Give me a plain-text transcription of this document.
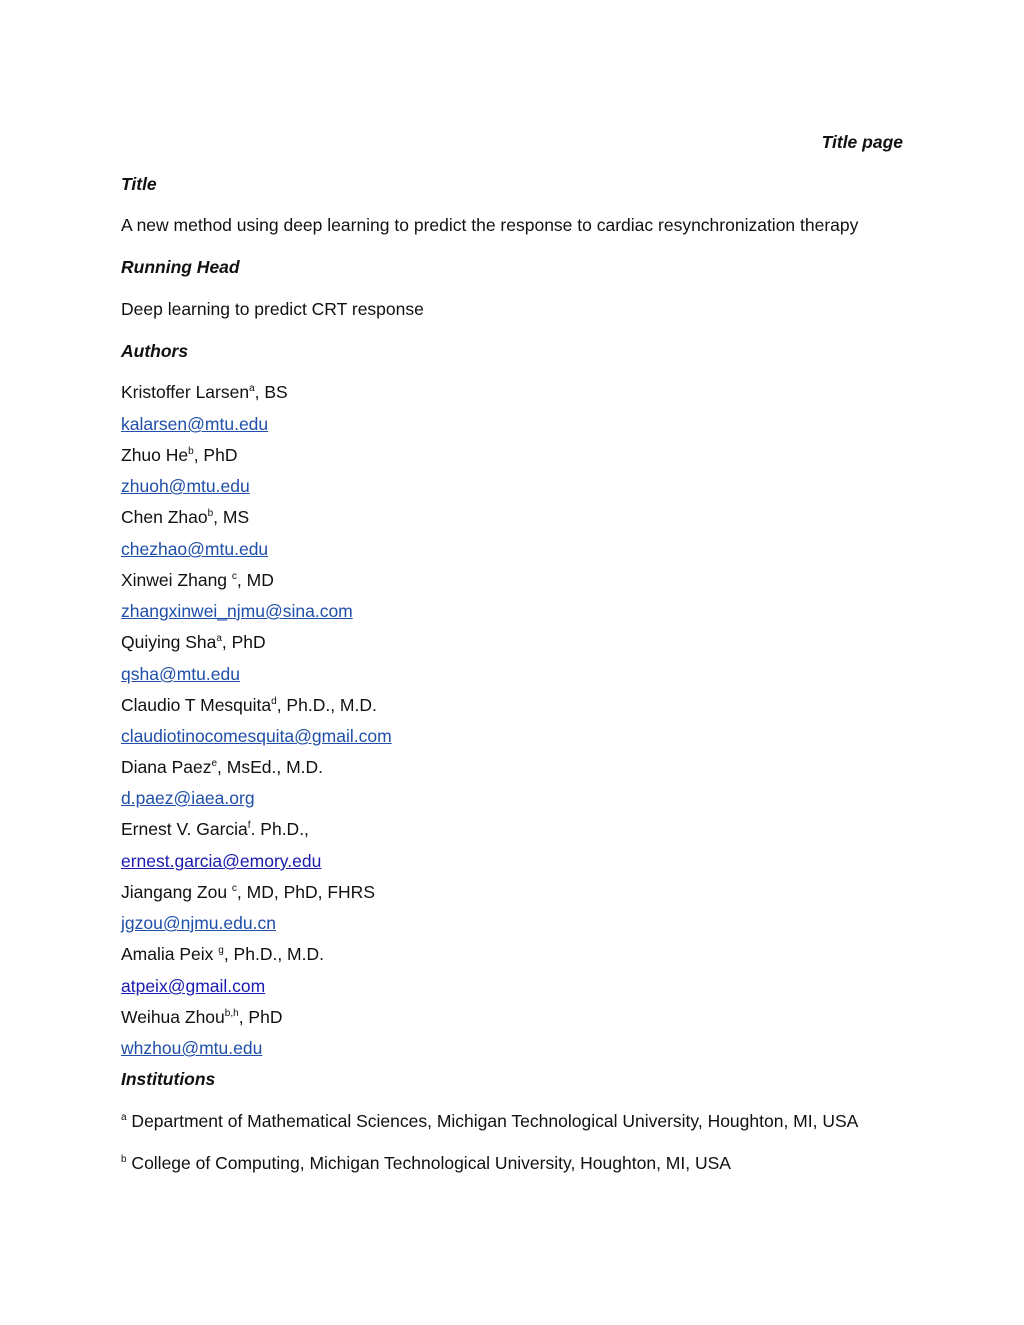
Title page
Title
A new method using deep learning to predict the response to cardiac resynchronization therapy
Running Head
Deep learning to predict CRT response
Authors
Kristoffer Larsen$^a$, BS
kalarsen@mtu.edu
Zhuo He$^b$, PhD
zhuoh@mtu.edu
Chen Zhao$^b$, MS
chezhao@mtu.edu
Xinwei Zhang $^c$, MD
zhangxinwei_njmu@sina.com
Quiying Sha$^a$, PhD
qsha@mtu.edu
Claudio T Mesquita$^d$, Ph.D., M.D.
claudiotinocomesquita@gmail.com
Diana Paez$^e$, MsEd., M.D.
d.paez@iaea.org
Ernest V. Garcia$^f$. Ph.D.,
ernest.garcia@emory.edu
Jiangang Zou $^c$, MD, PhD, FHRS
jgzou@njmu.edu.cn
Amalia Peix $^g$, Ph.D., M.D.
atpeix@gmail.com
Weihua Zhou$^{b,h}$, PhD
whzhou@mtu.edu
Institutions
$^a$ Department of Mathematical Sciences, Michigan Technological University, Houghton, MI, USA
$^b$ College of Computing, Michigan Technological University, Houghton, MI, USA
